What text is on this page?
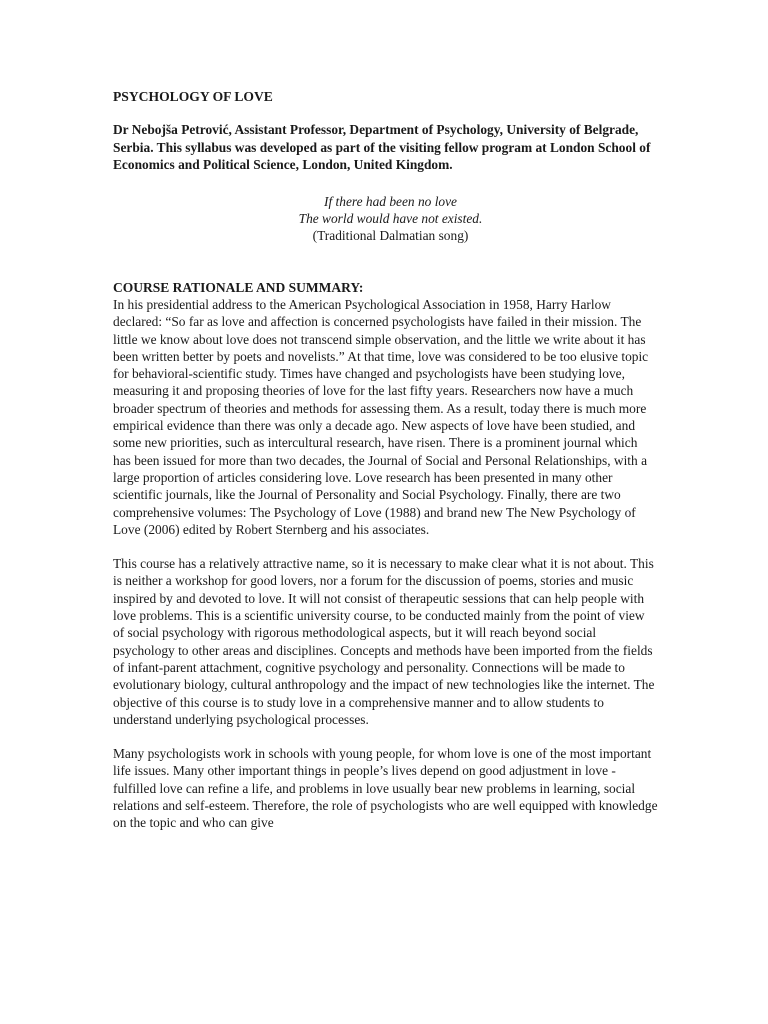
PSYCHOLOGY OF LOVE

Dr Nebojša Petrović, Assistant Professor, Department of Psychology, University of Belgrade, Serbia. This syllabus was developed as part of the visiting fellow program at London School of Economics and Political Science, London, United Kingdom.

If there had been no love
The world would have not existed.
(Traditional Dalmatian song)

COURSE RATIONALE AND SUMMARY:

In his presidential address to the American Psychological Association in 1958, Harry Harlow declared: “So far as love and affection is concerned psychologists have failed in their mission. The little we know about love does not transcend simple observation, and the little we write about it has been written better by poets and novelists.” At that time, love was considered to be too elusive topic for behavioral-scientific study. Times have changed and psychologists have been studying love, measuring it and proposing theories of love for the last fifty years. Researchers now have a much broader spectrum of theories and methods for assessing them. As a result, today there is much more empirical evidence than there was only a decade ago. New aspects of love have been studied, and some new priorities, such as intercultural research, have risen. There is a prominent journal which has been issued for more than two decades, the Journal of Social and Personal Relationships, with a large proportion of articles considering love. Love research has been presented in many other scientific journals, like the Journal of Personality and Social Psychology. Finally, there are two comprehensive volumes: The Psychology of Love (1988) and brand new The New Psychology of Love (2006) edited by Robert Sternberg and his associates.

This course has a relatively attractive name, so it is necessary to make clear what it is not about. This is neither a workshop for good lovers, nor a forum for the discussion of poems, stories and music inspired by and devoted to love. It will not consist of therapeutic sessions that can help people with love problems. This is a scientific university course, to be conducted mainly from the point of view of social psychology with rigorous methodological aspects, but it will reach beyond social psychology to other areas and disciplines. Concepts and methods have been imported from the fields of infant-parent attachment, cognitive psychology and personality. Connections will be made to evolutionary biology, cultural anthropology and the impact of new technologies like the internet. The objective of this course is to study love in a comprehensive manner and to allow students to understand underlying psychological processes.

Many psychologists work in schools with young people, for whom love is one of the most important life issues. Many other important things in people’s lives depend on good adjustment in love - fulfilled love can refine a life, and problems in love usually bear new problems in learning, social relations and self-esteem. Therefore, the role of psychologists who are well equipped with knowledge on the topic and who can give
